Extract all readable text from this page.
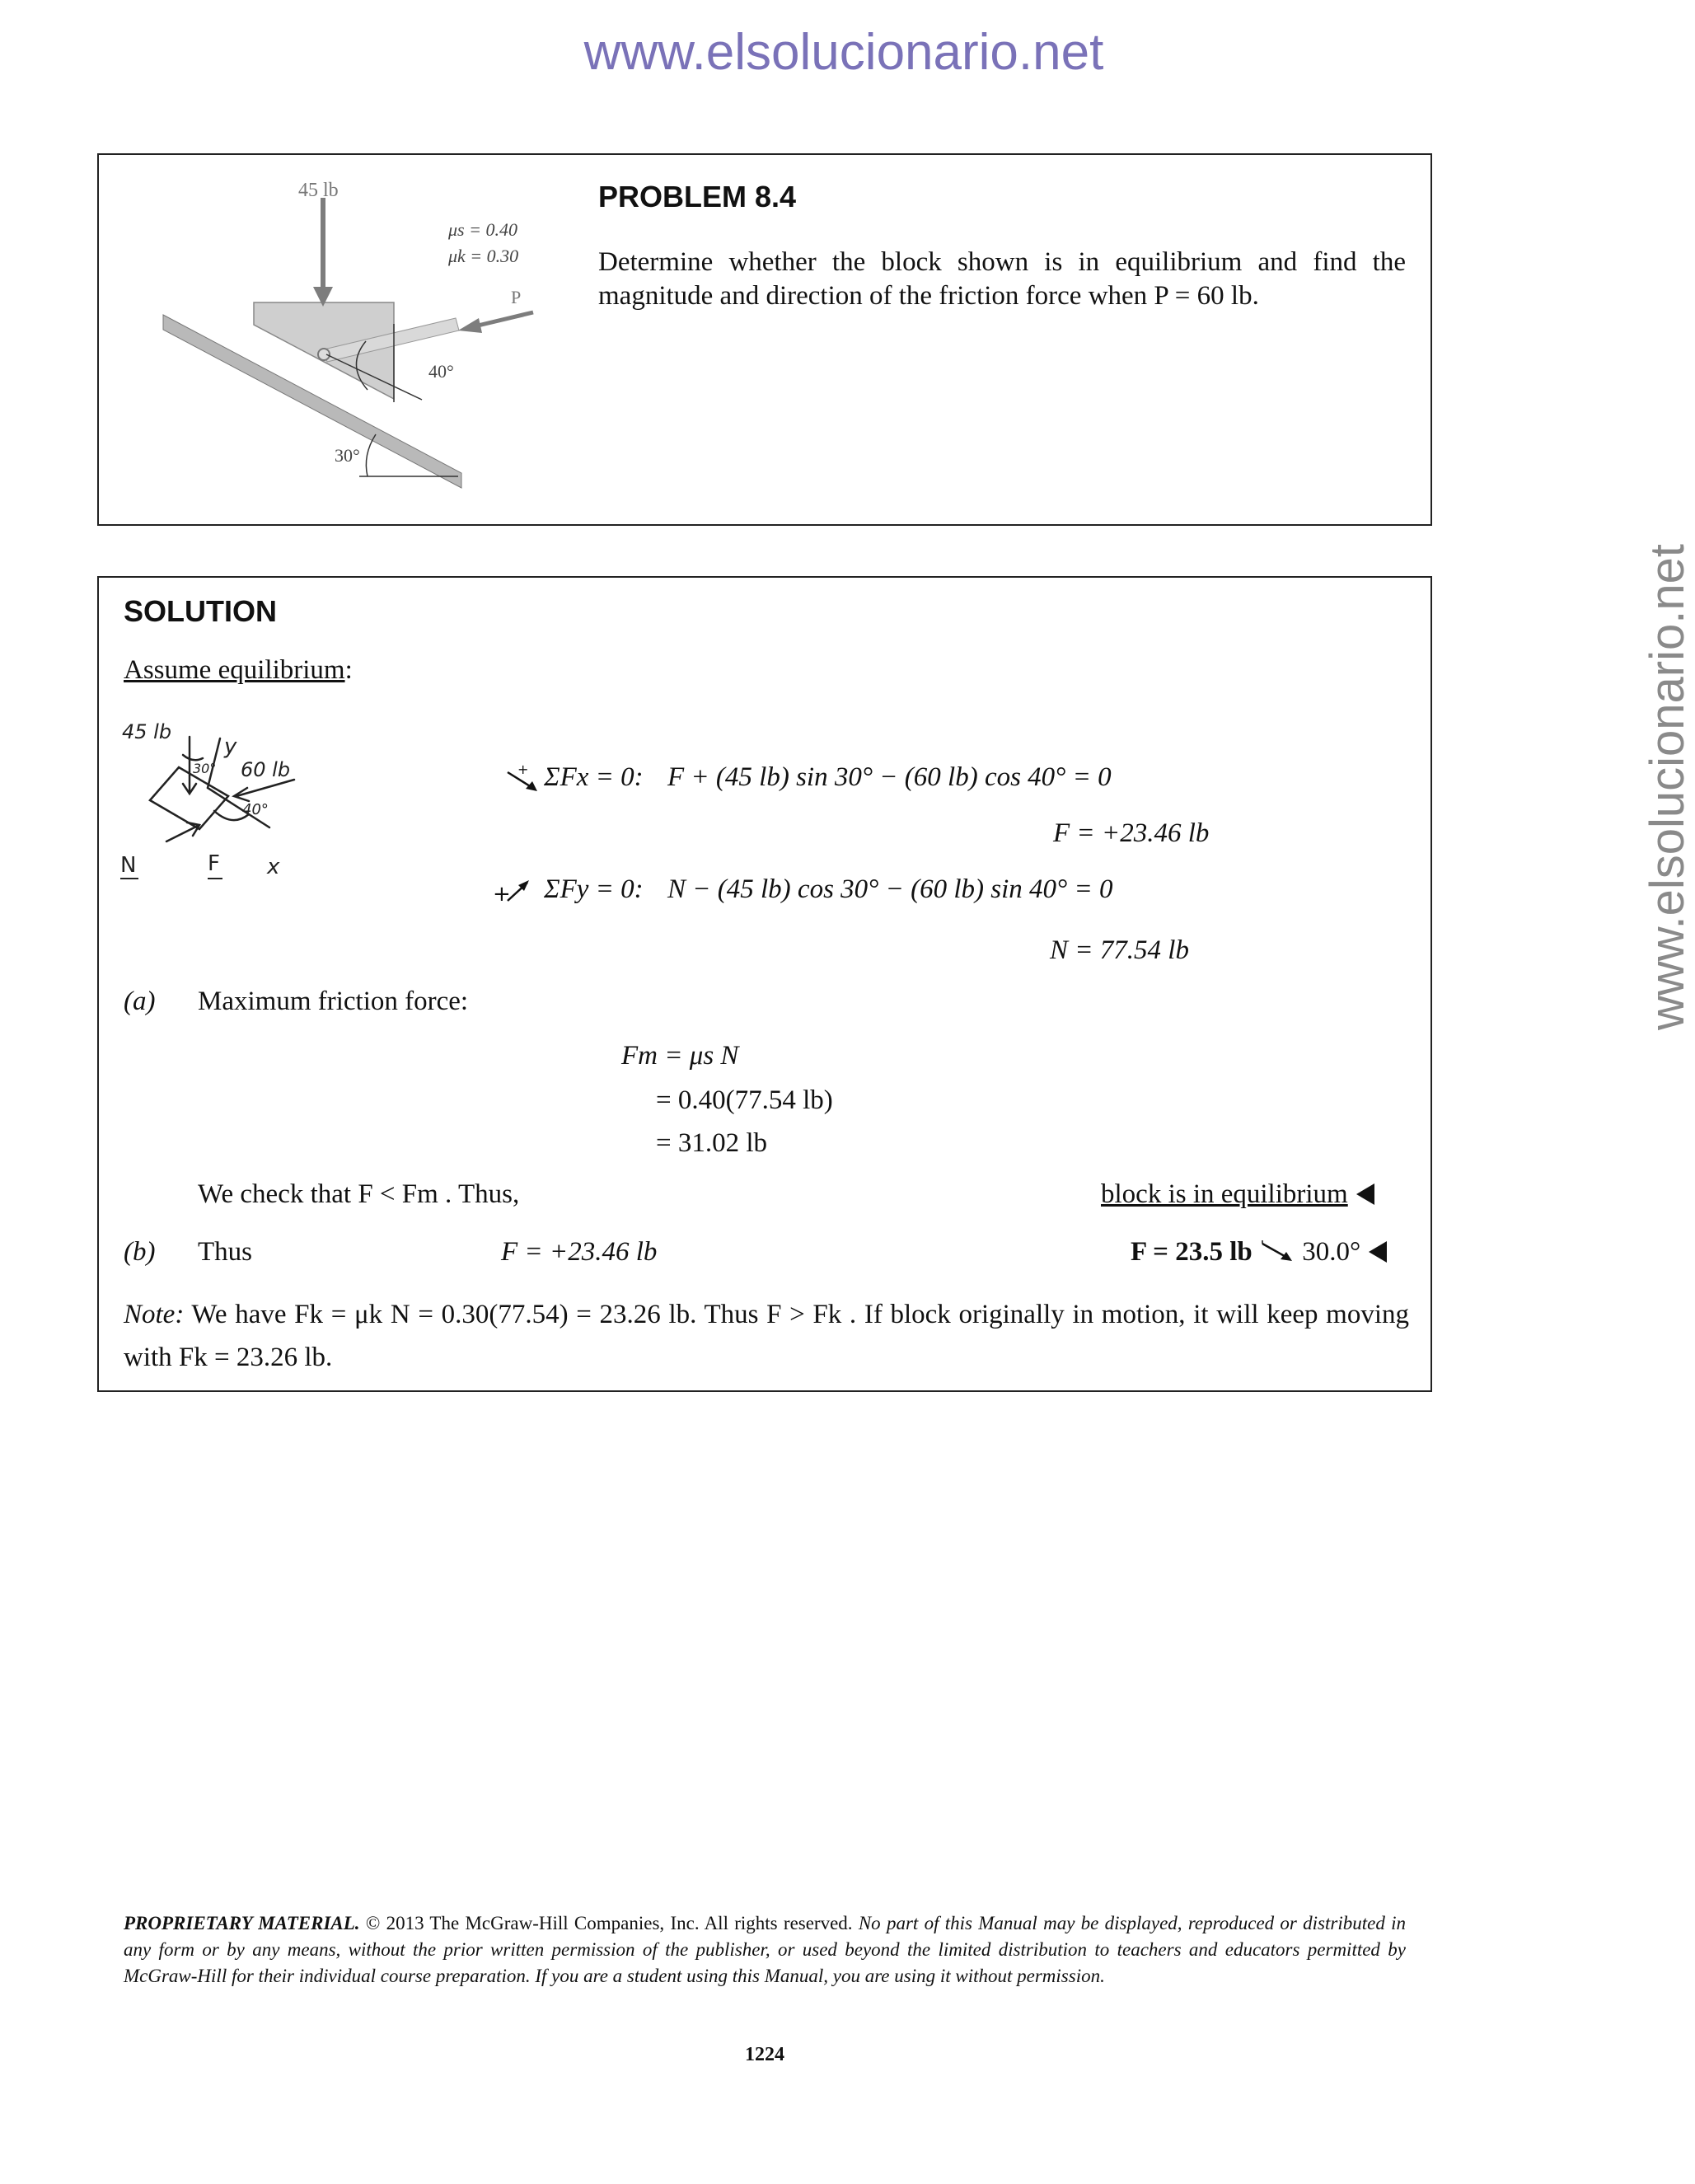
www.elsolucionario.net
www.elsolucionario.net
45 lb
μs = 0.40
μk = 0.30
P
40°
30°
PROBLEM 8.4
Determine whether the block shown is in equilibrium and find the magnitude and direction of the friction force when P = 60 lb.
SOLUTION
Assume equilibrium:
45 lb
y
30° 60 lb
40°
N	F x
+ ΣFx = 0: F + (45 lb) sin 30° − (60 lb) cos 40° = 0
F = +23.46 lb
+ ΣFy = 0: N − (45 lb) cos 30° − (60 lb) sin 40° = 0
N = 77.54 lb
(a) Maximum friction force:
Fm = μs N
= 0.40(77.54 lb)
= 31.02 lb
We check that F < Fm . Thus,	block is in equilibrium
(b) Thus	F = +23.46 lb	F = 23.5 lb 30.0°
Note: We have Fk = μk N = 0.30(77.54) = 23.26 lb. Thus F > Fk . If block originally in motion, it will keep moving with Fk = 23.26 lb.
PROPRIETARY MATERIAL. © 2013 The McGraw-Hill Companies, Inc. All rights reserved. No part of this Manual may be displayed, reproduced or distributed in any form or by any means, without the prior written permission of the publisher, or used beyond the limited distribution to teachers and educators permitted by McGraw-Hill for their individual course preparation. If you are a student using this Manual, you are using it without permission.
1224
